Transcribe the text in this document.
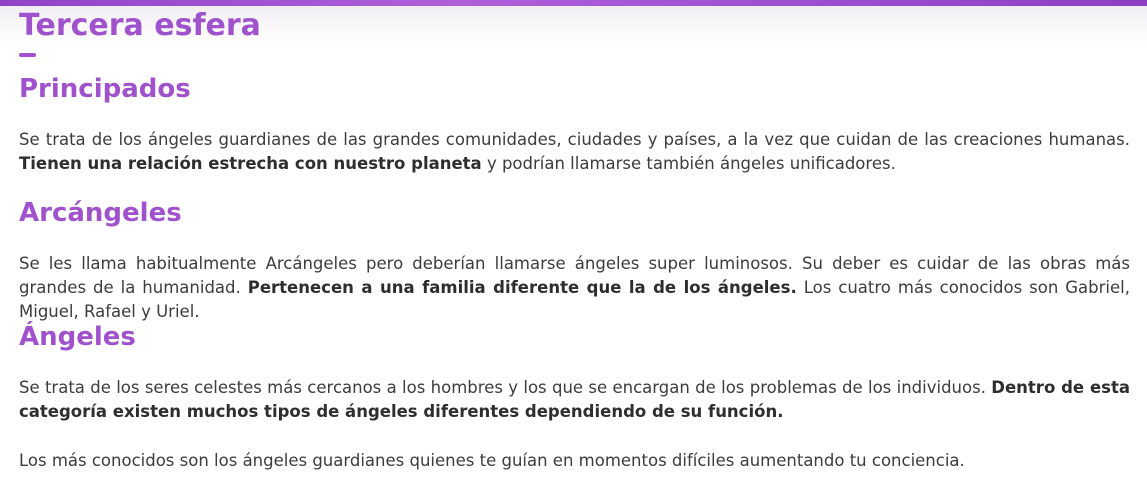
Tercera esfera
Principados

Se trata de los ángeles guardianes de las grandes comunidades, ciudades y países, a la vez que cuidan de las creaciones humanas. Tienen una relación estrecha con nuestro planeta y podrían llamarse también ángeles unificadores.

Arcángeles

Se les llama habitualmente Arcángeles pero deberían llamarse ángeles super luminosos. Su deber es cuidar de las obras más grandes de la humanidad. Pertenecen a una familia diferente que la de los ángeles. Los cuatro más conocidos son Gabriel, Miguel, Rafael y Uriel.

Ángeles

Se trata de los seres celestes más cercanos a los hombres y los que se encargan de los problemas de los individuos. Dentro de esta categoría existen muchos tipos de ángeles diferentes dependiendo de su función.

Los más conocidos son los ángeles guardianes quienes te guían en momentos difíciles aumentando tu conciencia.
